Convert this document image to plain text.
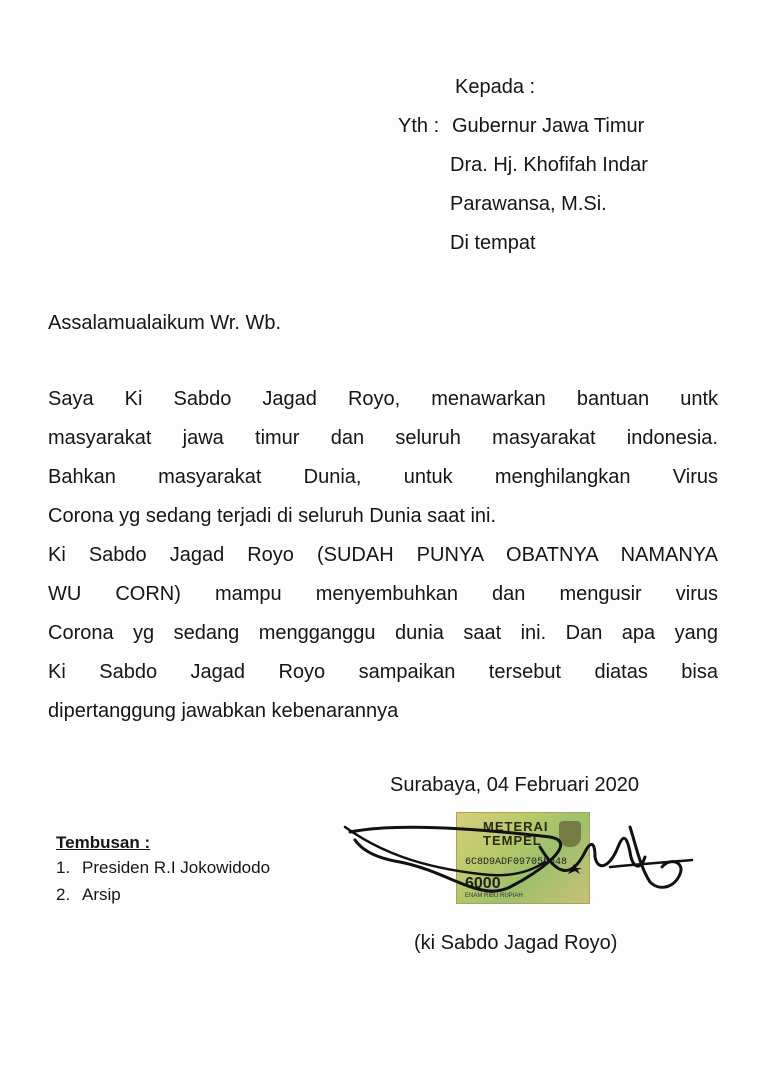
Kepada :
Yth : Gubernur Jawa Timur
Dra. Hj. Khofifah Indar
Parawansa, M.Si.
Di tempat
Assalamualaikum Wr. Wb.
Saya Ki Sabdo Jagad Royo, menawarkan bantuan untk
masyarakat jawa timur dan seluruh masyarakat indonesia.
Bahkan masyarakat Dunia, untuk menghilangkan Virus
Corona yg sedang terjadi di seluruh Dunia saat ini.
Ki Sabdo Jagad Royo (SUDAH PUNYA OBATNYA NAMANYA
WU CORN) mampu menyembuhkan dan mengusir virus
Corona yg sedang mengganggu dunia saat ini. Dan apa yang
Ki Sabdo Jagad Royo sampaikan tersebut diatas bisa
dipertanggung jawabkan kebenarannya
Surabaya, 04 Februari 2020
Tembusan :
1. Presiden R.I Jokowidodo
2. Arsip
METERAI
TEMPEL
6C8D9ADF097055048
6000
ENAM RIBU RUPIAH
(ki Sabdo Jagad Royo)
